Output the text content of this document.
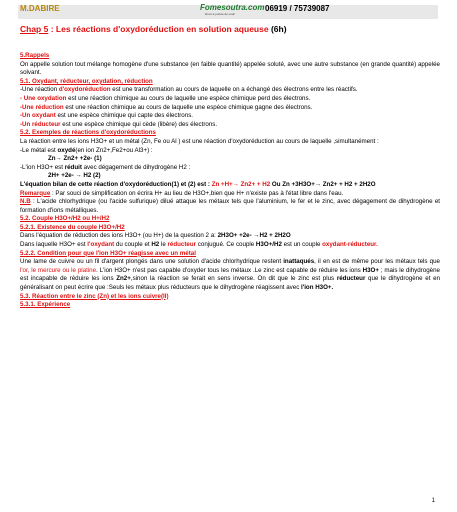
M.DABIRE	Fomesoutra.com
Docs à portée de main
06919 / 75739087
Chap 5 : Les réactions d'oxydoréduction en solution aqueuse (6h)

5.Rappels

On appelle solution tout mélange homogène d'une substance (en faible quantité) appelée soluté, avec une autre substance (en grande quantité) appelée solvant.

5.1. Oxydant, réducteur, oxydation, réduction

-Une réaction d'oxydoréduction est une transformation au cours de laquelle on a échangé des électrons entre les réactifs.

- Une oxydation est une réaction chimique au cours de laquelle une espèce chimique perd des électrons.

-Une réduction est une réaction chimique au cours de laquelle une espèce chimique gagne des électrons.

-Un oxydant est une espèce chimique qui capte des électrons.

-Un réducteur est une espèce chimique qui cède (libère) des électrons.

5.2. Exemples de réactions d'oxydoréductions

La réaction entre les ions H3O+ et un métal (Zn, Fe ou Al ) est une réaction d'oxydoréduction au cours de laquelle ,simultanément :

-Le métal est oxydé(en ion Zn2+,Fe2+ou Al3+) :

Zn→ Zn2+ +2e- (1)

-L'ion H3O+ est réduit avec dégagement de dihydrogène H2 :

2H+ +2e- → H2 (2)

L'équation bilan de cette réaction d'oxydoréduction(1) et (2) est : Zn +H+→ Zn2+ + H2 Ou Zn +3H3O+→ Zn2+ + H2 + 2H2O

Remarque : Par souci de simplification on écrira H+ au lieu de H3O+,bien que H+ n'existe pas à l'état libre dans l'eau.

N.B : L'acide chlorhydrique (ou l'acide sulfurique) dilué attaque les métaux tels que l'aluminium, le fer et le zinc, avec dégagement de dihydrogène et formation d'ions métalliques.

5.2. Couple H3O+/H2 ou H+/H2

5.2.1. Existence du couple H3O+/H2

Dans l'équation de réduction des ions H3O+ (ou H+) de la question 2 a: 2H3O+ +2e- →H2 + 2H2O

Dans laquelle H3O+ est l'oxydant du couple et H2 le réducteur conjugué. Ce couple H3O+/H2 est un couple oxydant-réducteur.

5.2.2. Condition pour que l'ion H3O+ réagisse avec un métal

Une lame de cuivre ou un fil d'argent plongés dans une solution d'acide chlorhydrique restent inattaqués, il en est de même pour les métaux tels que l'or, le mercure ou le platine. L'ion H3O+ n'est pas capable d'oxyder tous les métaux .Le zinc est capable de réduire les ions H3O+ ; mais le dihydrogène est incapable de réduire les ions Zn2+,sinon la réaction se ferait en sens inverse. On dit que le zinc est plus réducteur que le dihydrogène et en généralisant on peut écrire que :Seuls les métaux plus réducteurs que le dihydrogène réagissent avec l'ion H3O+.

5.3. Réaction entre le zinc (Zn) et les ions cuivre(II)

5.3.1. Expérience

1
